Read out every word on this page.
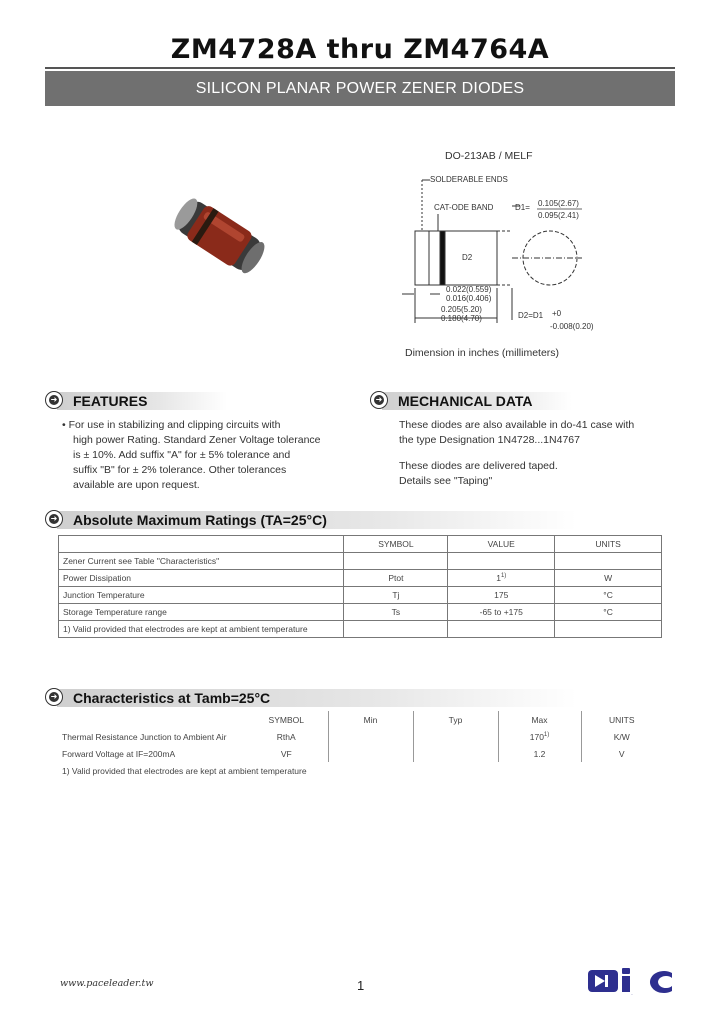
ZM4728A thru ZM4764A
SILICON PLANAR POWER ZENER DIODES
DO-213AB / MELF
SOLDERABLE ENDS
CAT-ODE BAND	D1= 0.105(2.67)
0.095(2.41)
D2
0.022(0.559)
0.016(0.406)
0.205(5.20)
0.180(4.70)	D2=D1 +0
-0.008(0.20)
Dimension in inches (millimeters)
➜ FEATURES
• For use in stabilizing and clipping circuits with
high power Rating. Standard Zener Voltage tolerance
is ± 10%. Add suffix "A" for ± 5% tolerance and
suffix "B" for ± 2% tolerance. Other tolerances
available are upon request.
➜ MECHANICAL DATA
These diodes are also available in do-41 case with
the type Designation 1N4728...1N4767
These diodes are delivered taped.
Details see "Taping"
➜ Absolute Maximum Ratings (TA=25°C)
	SYMBOL	VALUE	UNITS
Zener Current see Table "Characteristics"			
Power Dissipation	Ptot	1$^{1)}$	W
Junction Temperature	Tj	175	°C
Storage Temperature range	Ts	-65 to +175	°C
1) Valid provided that electrodes are kept at ambient temperature			
➜ Characteristics at Tamb=25°C
	SYMBOL	Min	Typ	Max	UNITS
Thermal Resistance Junction to Ambient Air	RthA			170$^{1)}$	K/W
Forward Voltage at IF=200mA	VF			1.2	V
1) Valid provided that electrodes are kept at ambient temperature
www.paceleader.tw	1
PIC
